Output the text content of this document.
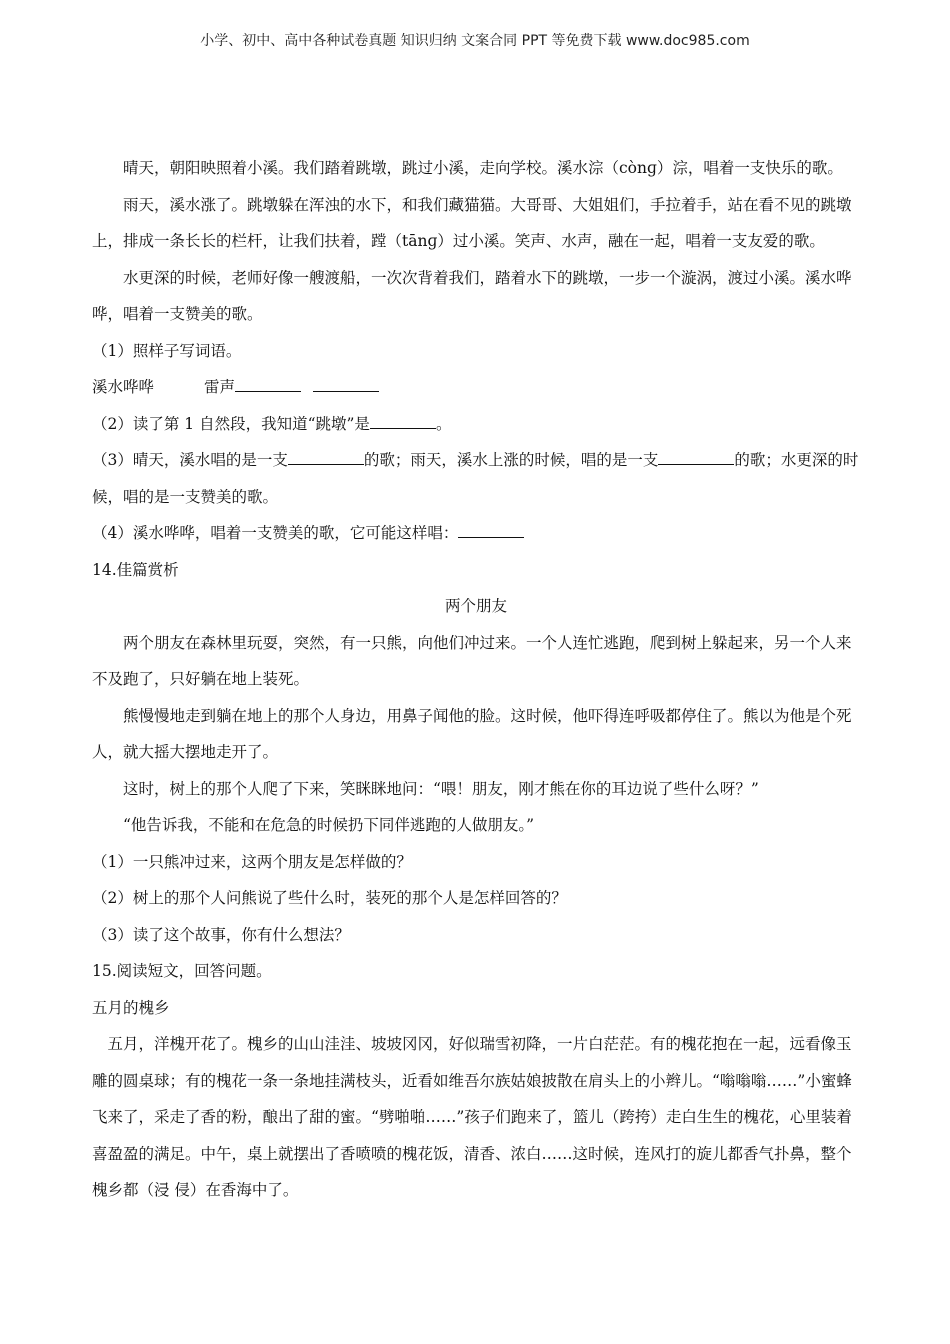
小学、初中、高中各种试卷真题 知识归纳 文案合同 PPT 等免费下载 www.doc985.com

晴天，朝阳映照着小溪。我们踏着跳墩，跳过小溪，走向学校。溪水淙（cònɡ）淙，唱着一支快乐的歌。

雨天，溪水涨了。跳墩躲在浑浊的水下，和我们藏猫猫。大哥哥、大姐姐们，手拉着手，站在看不见的跳墩上，排成一条长长的栏杆，让我们扶着，蹚（tānɡ）过小溪。笑声、水声，融在一起，唱着一支友爱的歌。

水更深的时候，老师好像一艘渡船，一次次背着我们，踏着水下的跳墩，一步一个漩涡，渡过小溪。溪水哗哗，唱着一支赞美的歌。

（1）照样子写词语。

溪水哗哗	雷声

（2）读了第 1 自然段，我知道“跳墩”是	。

（3）晴天，溪水唱的是一支	的歌；雨天，溪水上涨的时候，唱的是一支	的歌；水更深的时候，唱的是一支赞美的歌。

（4）溪水哗哗，唱着一支赞美的歌，它可能这样唱：

14.佳篇赏析

两个朋友

两个朋友在森林里玩耍，突然，有一只熊，向他们冲过来。一个人连忙逃跑，爬到树上躲起来，另一个人来不及跑了，只好躺在地上装死。

熊慢慢地走到躺在地上的那个人身边，用鼻子闻他的脸。这时候，他吓得连呼吸都停住了。熊以为他是个死人，就大摇大摆地走开了。

这时，树上的那个人爬了下来，笑眯眯地问：“喂！朋友，刚才熊在你的耳边说了些什么呀？”

“他告诉我，不能和在危急的时候扔下同伴逃跑的人做朋友。”

（1）一只熊冲过来，这两个朋友是怎样做的？

（2）树上的那个人问熊说了些什么时，装死的那个人是怎样回答的？

（3）读了这个故事，你有什么想法？

15.阅读短文，回答问题。

五月的槐乡

五月，洋槐开花了。槐乡的山山洼洼、坡坡冈冈，好似瑞雪初降，一片白茫茫。有的槐花抱在一起，远看像玉雕的圆桌球；有的槐花一条一条地挂满枝头，近看如维吾尔族姑娘披散在肩头上的小辫儿。“嗡嗡嗡……”小蜜蜂飞来了，采走了香的粉，酿出了甜的蜜。“劈啪啪……”孩子们跑来了，篮儿（跨挎）走白生生的槐花，心里装着喜盈盈的满足。中午，桌上就摆出了香喷喷的槐花饭，清香、浓白……这时候，连风打的旋儿都香气扑鼻，整个槐乡都（浸 侵）在香海中了。
